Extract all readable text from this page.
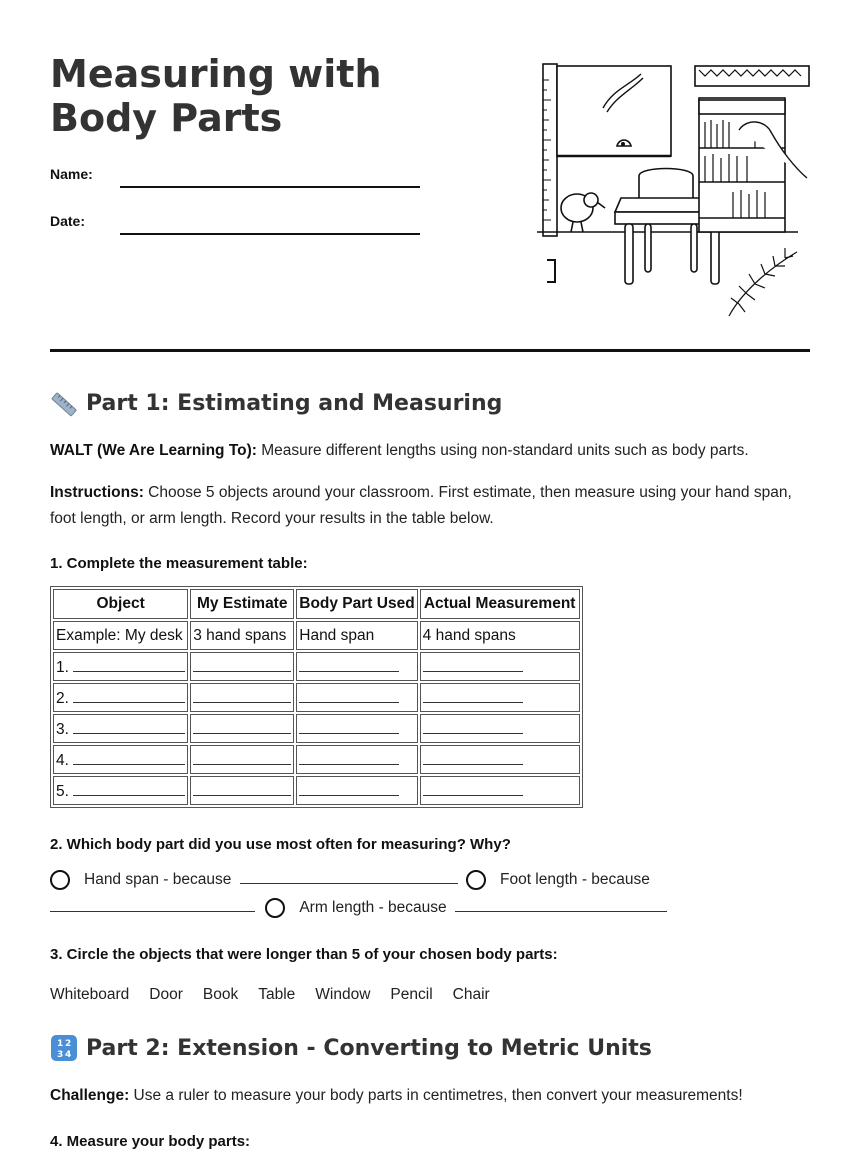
Measuring with Body Parts
Name:
Date:
Part 1: Estimating and Measuring

WALT (We Are Learning To): Measure different lengths using non-standard units such as body parts.

Instructions: Choose 5 objects around your classroom. First estimate, then measure using your hand span, foot length, or arm length. Record your results in the table below.

1. Complete the measurement table:

Object	My Estimate	Body Part Used	Actual Measurement
Example: My desk	3 hand spans	Hand span	4 hand spans
1.			
2.			
3.			
4.			
5.			

2. Which body part did you use most often for measuring? Why?

Hand span - because	Foot length - because
Arm length - because

3. Circle the objects that were longer than 5 of your chosen body parts:

Whiteboard Door Book Table Window Pencil Chair
1 2
3 4 Part 2: Extension - Converting to Metric Units

Challenge: Use a ruler to measure your body parts in centimetres, then convert your measurements!

4. Measure your body parts:
